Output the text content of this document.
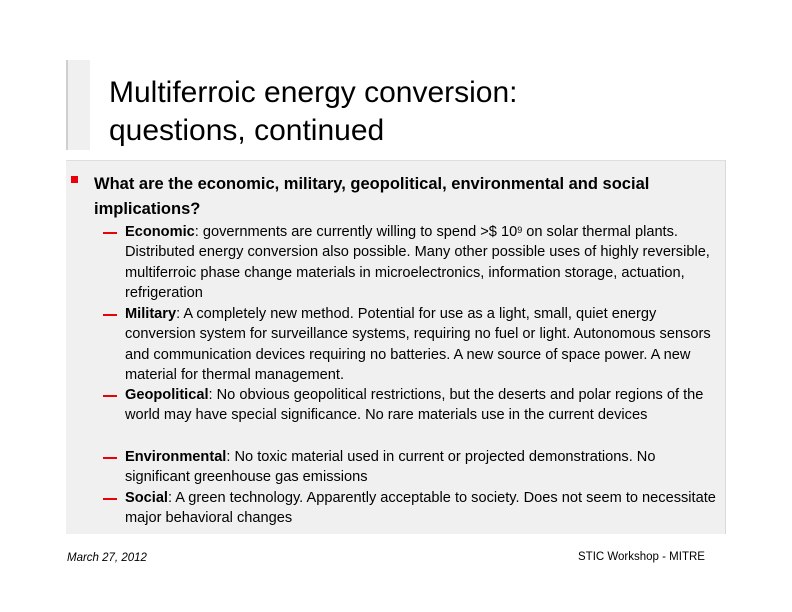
Multiferroic energy conversion:
questions, continued
What are the economic, military, geopolitical, environmental and social implications?
Economic: governments are currently willing to spend >$ $10^9$ on solar thermal plants. Distributed energy conversion also possible. Many other possible uses of highly reversible, multiferroic phase change materials in microelectronics, information storage, actuation, refrigeration
Military: A completely new method. Potential for use as a light, small, quiet energy conversion system for surveillance systems, requiring no fuel or light. Autonomous sensors and communication devices requiring no batteries. A new source of space power. A new material for thermal management.
Geopolitical: No obvious geopolitical restrictions, but the deserts and polar regions of the world may have special significance. No rare materials use in the current devices
Environmental: No toxic material used in current or projected demonstrations. No significant greenhouse gas emissions
Social: A green technology. Apparently acceptable to society. Does not seem to necessitate major behavioral changes
March 27, 2012	STIC Workshop - MITRE
